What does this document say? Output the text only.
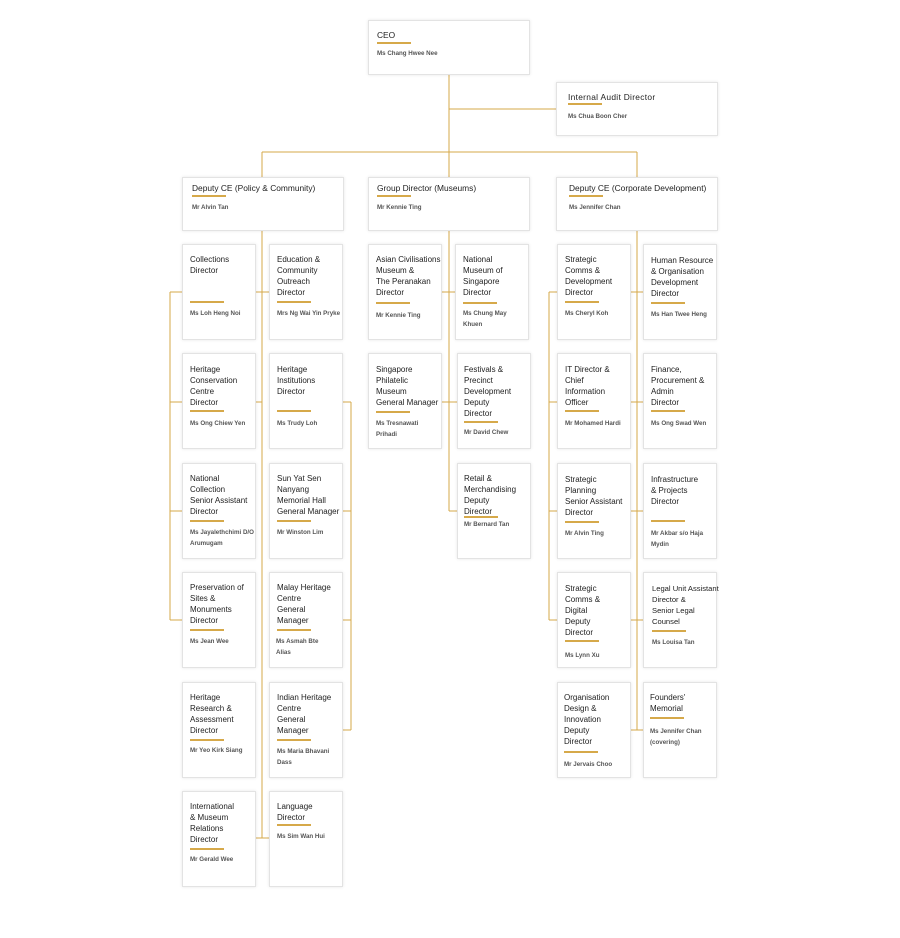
CEO
Ms Chang Hwee Nee
Internal Audit Director
Ms Chua Boon Cher
Deputy CE (Policy & Community)
Mr Alvin Tan
Group Director (Museums)
Mr Kennie Ting
Deputy CE (Corporate Development)
Ms Jennifer Chan
Collections
Director
Ms Loh Heng Noi
Heritage
Conservation
Centre
Director
Ms Ong Chiew Yen
National
Collection
Senior Assistant
Director
Ms Jayalethchimi D/O
Arumugam
Preservation of
Sites &
Monuments
Director
Ms Jean Wee
Heritage
Research &
Assessment
Director
Mr Yeo Kirk Siang
International
& Museum
Relations
Director
Mr Gerald Wee
Education &
Community
Outreach
Director
Mrs Ng Wai Yin Pryke
Heritage
Institutions
Director
Ms Trudy Loh
Sun Yat Sen
Nanyang
Memorial Hall
General Manager
Mr Winston Lim
Malay Heritage
Centre
General
Manager
Ms Asmah Bte
Alias
Indian Heritage
Centre
General
Manager
Ms Maria Bhavani
Dass
Language
Director
Ms Sim Wan Hui
Asian Civilisations
Museum &
The Peranakan
Director
Mr Kennie Ting
Singapore
Philatelic
Museum
General Manager
Ms Tresnawati
Prihadi
National
Museum of
Singapore
Director
Ms Chung May
Khuen
Festivals &
Precinct
Development
Deputy
Director
Mr David Chew
Retail &
Merchandising
Deputy
Director
Mr Bernard Tan
Strategic
Comms &
Development
Director
Ms Cheryl Koh
IT Director &
Chief
Information
Officer
Mr Mohamed Hardi
Strategic
Planning
Senior Assistant
Director
Mr Alvin Ting
Strategic
Comms &
Digital
Deputy
Director
Ms Lynn Xu
Organisation
Design &
Innovation
Deputy
Director
Mr Jervais Choo
Human Resource
& Organisation
Development
Director
Ms Han Twee Heng
Finance,
Procurement &
Admin
Director
Ms Ong Swad Wen
Infrastructure
& Projects
Director
Mr Akbar s/o Haja
Mydin
Legal Unit Assistant
Director &
Senior Legal
Counsel
Ms Louisa Tan
Founders'
Memorial
Ms Jennifer Chan
(covering)
